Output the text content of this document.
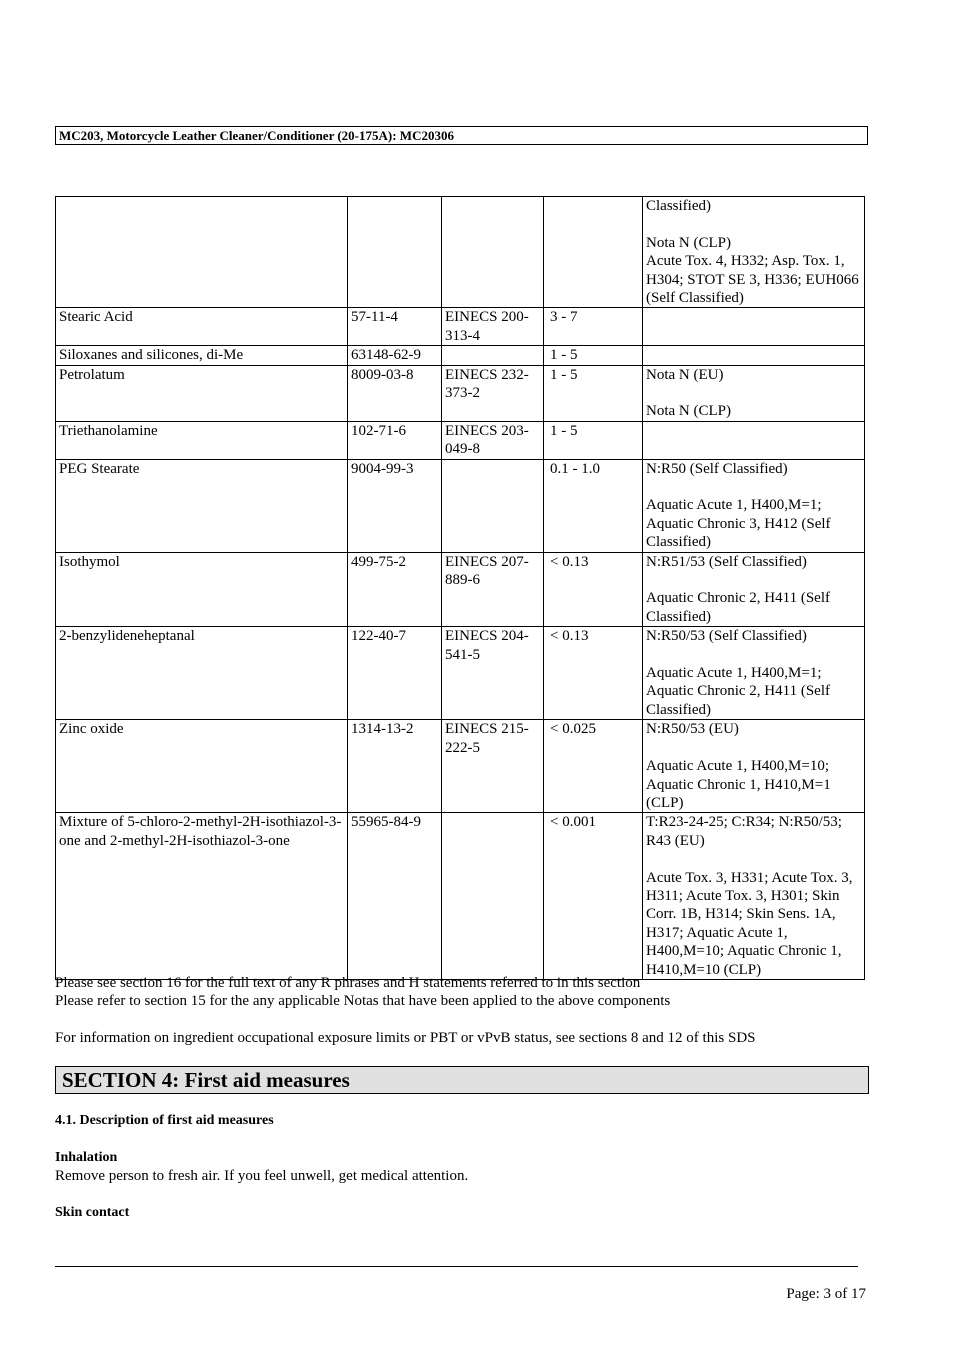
MC203, Motorcycle Leather Cleaner/Conditioner (20-175A): MC20306

				Classified)
Nota N (CLP)
Acute Tox. 4, H332; Asp. Tox. 1, H304; STOT SE 3, H336; EUH066 (Self Classified)

Stearic Acid	57-11-4	EINECS 200-313-4	3 - 7	
Siloxanes and silicones, di-Me	63148-62-9		1 - 5	
Petrolatum	8009-03-8	EINECS 232-373-2	1 - 5	Nota N (EU)
Nota N (CLP)

Triethanolamine	102-71-6	EINECS 203-049-8	1 - 5	
PEG Stearate	9004-99-3		0.1 - 1.0	N:R50 (Self Classified)
Aquatic Acute 1, H400,M=1; Aquatic Chronic 3, H412 (Self Classified)

Isothymol	499-75-2	EINECS 207-889-6	< 0.13	N:R51/53 (Self Classified)
Aquatic Chronic 2, H411 (Self Classified)

2-benzylideneheptanal	122-40-7	EINECS 204-541-5	< 0.13	N:R50/53 (Self Classified)
Aquatic Acute 1, H400,M=1; Aquatic Chronic 2, H411 (Self Classified)

Zinc oxide	1314-13-2	EINECS 215-222-5	< 0.025	N:R50/53 (EU)
Aquatic Acute 1, H400,M=10; Aquatic Chronic 1, H410,M=1 (CLP)

Mixture of 5-chloro-2-methyl-2H-isothiazol-3-one and 2-methyl-2H-isothiazol-3-one	55965-84-9		< 0.001	T:R23-24-25; C:R34; N:R50/53; R43 (EU)
Acute Tox. 3, H331; Acute Tox. 3, H311; Acute Tox. 3, H301; Skin Corr. 1B, H314; Skin Sens. 1A, H317; Aquatic Acute 1, H400,M=10; Aquatic Chronic 1, H410,M=10 (CLP)
Please see section 16 for the full text of any R phrases and H statements referred to in this section
Please refer to section 15 for the any applicable Notas that have been applied to the above components
For information on ingredient occupational exposure limits or PBT or vPvB status, see sections 8 and 12 of this SDS
SECTION 4: First aid measures
4.1. Description of first aid measures
Inhalation
Remove person to fresh air. If you feel unwell, get medical attention.
Skin contact
Page: 3 of 17
